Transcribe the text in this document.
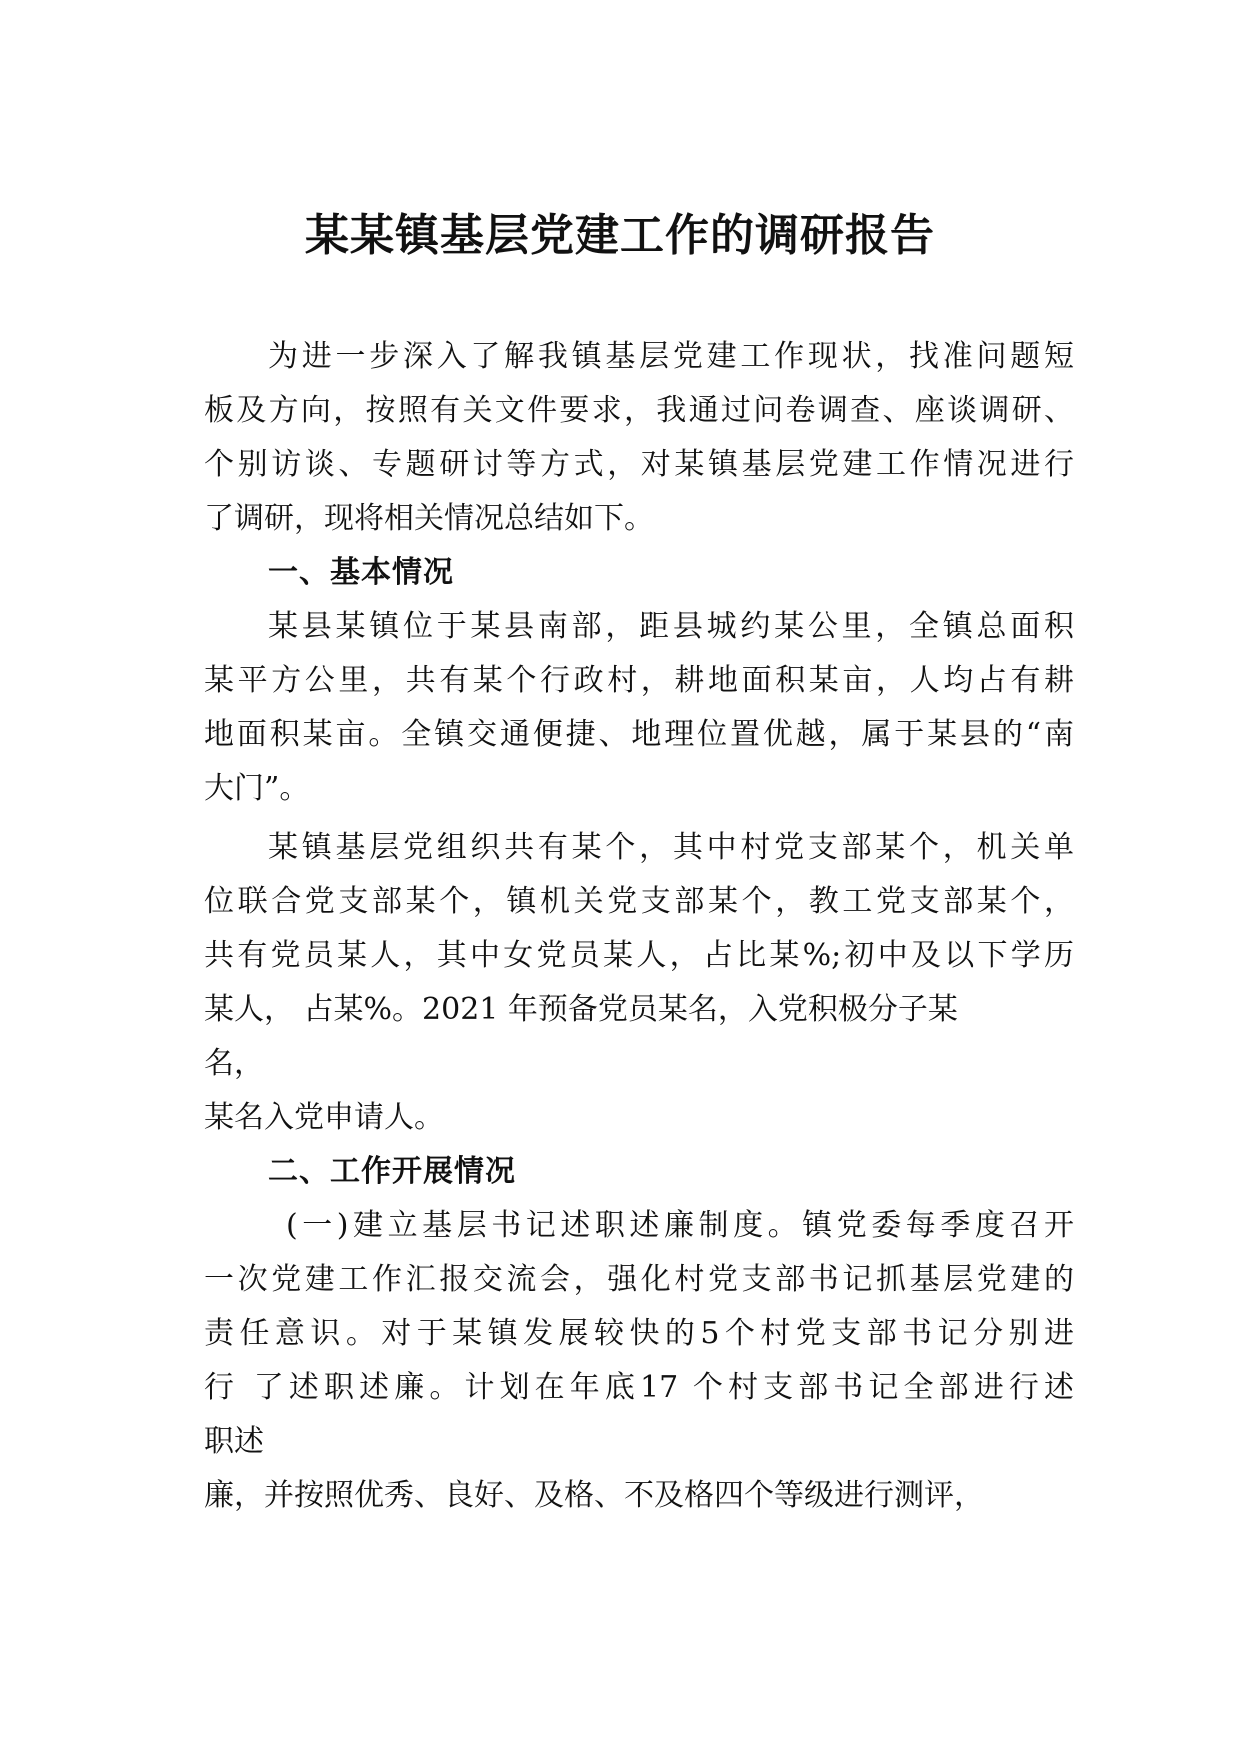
某某镇基层党建工作的调研报告
为进一步深入了解我镇基层党建工作现状，找准问题短
板及方向，按照有关文件要求，我通过问卷调查、座谈调研、
个别访谈、专题研讨等方式，对某镇基层党建工作情况进行
了调研，现将相关情况总结如下。
一、基本情况
某县某镇位于某县南部，距县城约某公里，全镇总面积
某平方公里，共有某个行政村，耕地面积某亩，人均占有耕
地面积某亩。全镇交通便捷、地理位置优越，属于某县的“南
大门”。
某镇基层党组织共有某个，其中村党支部某个，机关单
位联合党支部某个，镇机关党支部某个，教工党支部某个，
共有党员某人，其中女党员某人，占比某%;初中及以下学历
某人， 占某%。2021 年预备党员某名，入党积极分子某
名，
某名入党申请人。
二、工作开展情况
(一)建立基层书记述职述廉制度。镇党委每季度召开
一次党建工作汇报交流会，强化村党支部书记抓基层党建的
责任意识。对于某镇发展较快的5个村党支部书记分别进
行 了述职述廉。计划在年底17 个村支部书记全部进行述
职述
廉，并按照优秀、良好、及格、不及格四个等级进行测评，
